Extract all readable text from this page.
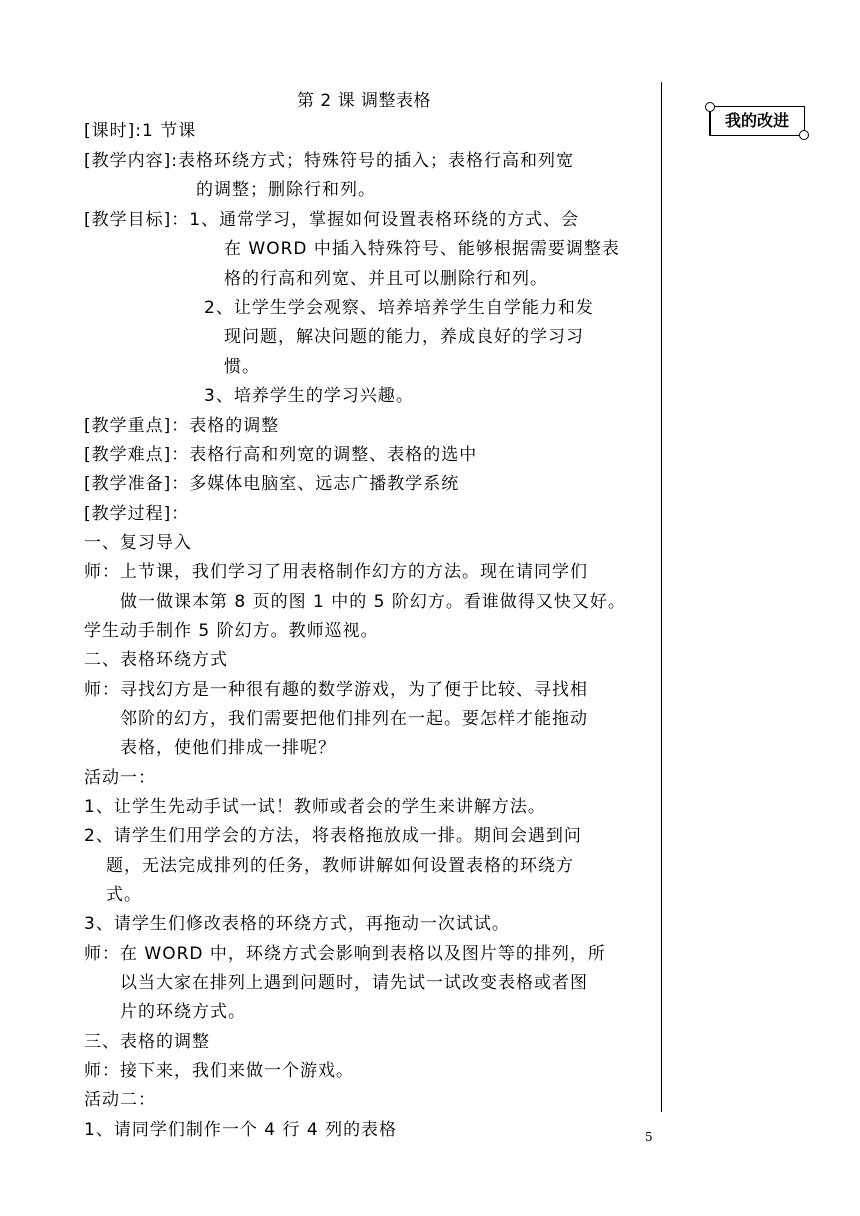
第 2 课 调整表格
[课时]:1 节课
[教学内容]:表格环绕方式；特殊符号的插入；表格行高和列宽
的调整；删除行和列。
[教学目标]：1、通常学习，掌握如何设置表格环绕的方式、会
在 WORD 中插入特殊符号、能够根据需要调整表
格的行高和列宽、并且可以删除行和列。
2、让学生学会观察、培养培养学生自学能力和发
现问题，解决问题的能力，养成良好的学习习
惯。
3、培养学生的学习兴趣。
[教学重点]：表格的调整
[教学难点]：表格行高和列宽的调整、表格的选中
[教学准备]：多媒体电脑室、远志广播教学系统
[教学过程]：
一、复习导入
师：上节课，我们学习了用表格制作幻方的方法。现在请同学们
做一做课本第 8 页的图 1 中的 5 阶幻方。看谁做得又快又好。
学生动手制作 5 阶幻方。教师巡视。
二、表格环绕方式
师：寻找幻方是一种很有趣的数学游戏，为了便于比较、寻找相
邻阶的幻方，我们需要把他们排列在一起。要怎样才能拖动
表格，使他们排成一排呢？
活动一：
1、让学生先动手试一试！教师或者会的学生来讲解方法。
2、请学生们用学会的方法，将表格拖放成一排。期间会遇到问
题，无法完成排列的任务，教师讲解如何设置表格的环绕方
式。
3、请学生们修改表格的环绕方式，再拖动一次试试。
师：在 WORD 中，环绕方式会影响到表格以及图片等的排列，所
以当大家在排列上遇到问题时，请先试一试改变表格或者图
片的环绕方式。
三、表格的调整
师：接下来，我们来做一个游戏。
活动二：
1、请同学们制作一个 4 行 4 列的表格
我的改进
5
